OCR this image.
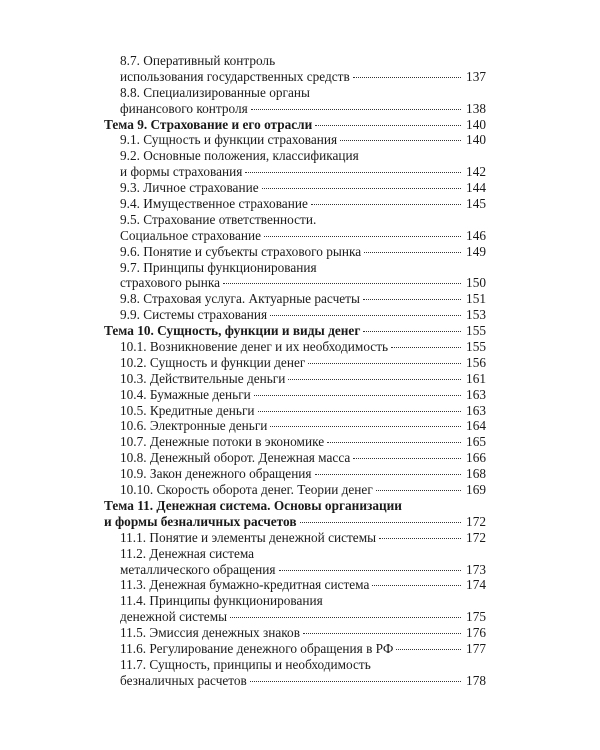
8.7. Оперативный контроль
использования государственных средств	137
8.8. Специализированные органы
финансового контроля	138
Тема 9. Страхование и его отрасли	140
9.1. Сущность и функции страхования	140
9.2. Основные положения, классификация
и формы страхования	142
9.3. Личное страхование	144
9.4. Имущественное страхование	145
9.5. Страхование ответственности.
Социальное страхование	146
9.6. Понятие и субъекты страхового рынка	149
9.7. Принципы функционирования
страхового рынка	150
9.8. Страховая услуга. Актуарные расчеты	151
9.9. Системы страхования	153
Тема 10. Сущность, функции и виды денег	155
10.1. Возникновение денег и их необходимость	155
10.2. Сущность и функции денег	156
10.3. Действительные деньги	161
10.4. Бумажные деньги	163
10.5. Кредитные деньги	163
10.6. Электронные деньги	164
10.7. Денежные потоки в экономике	165
10.8. Денежный оборот. Денежная масса	166
10.9. Закон денежного обращения	168
10.10. Скорость оборота денег. Теории денег	169
Тема 11. Денежная система. Основы организации
и формы безналичных расчетов	172
11.1. Понятие и элементы денежной системы	172
11.2. Денежная система
металлического обращения	173
11.3. Денежная бумажно-кредитная система	174
11.4. Принципы функционирования
денежной системы	175
11.5. Эмиссия денежных знаков	176
11.6. Регулирование денежного обращения в РФ	177
11.7. Сущность, принципы и необходимость
безналичных расчетов	178
